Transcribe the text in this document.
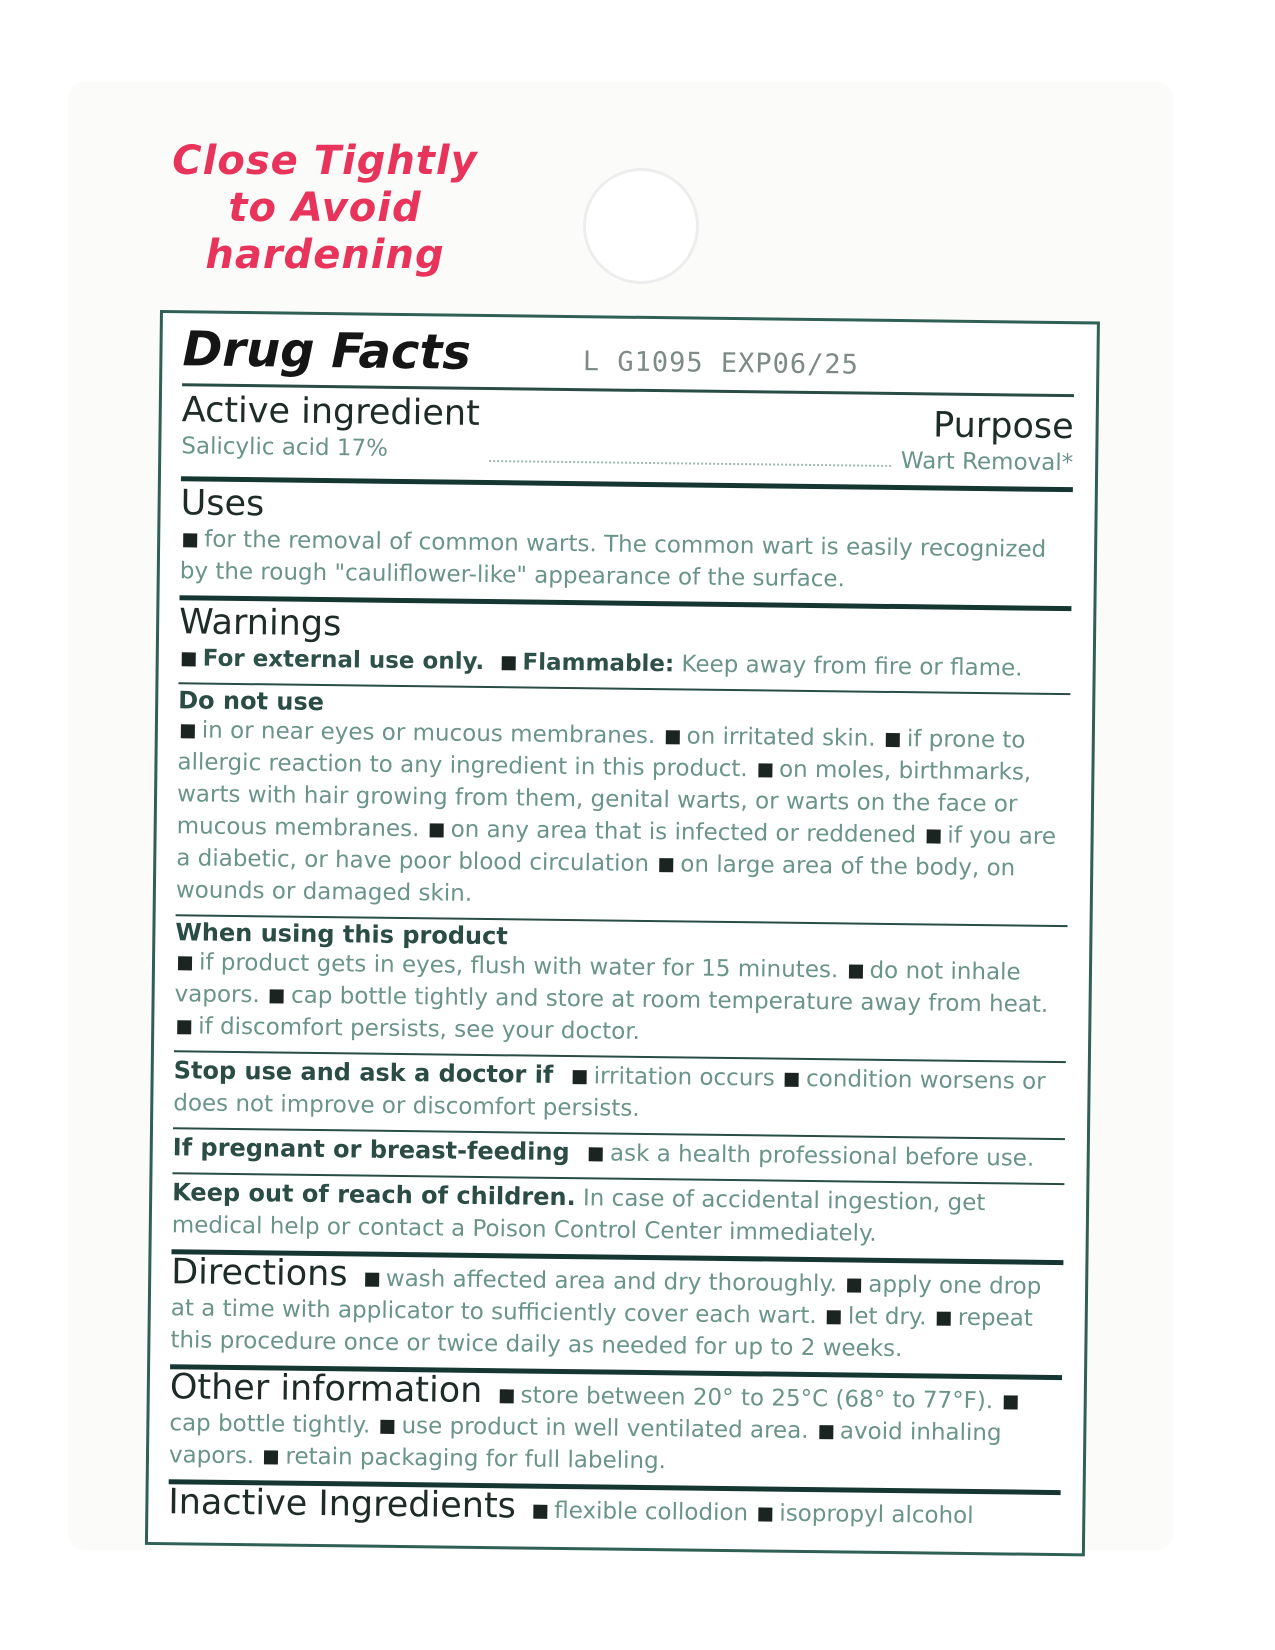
Close Tightly
to Avoid
hardening
Drug Facts	L G1095 EXP06/25
Active ingredient
Salicylic acid 17%
Purpose
Wart Removal*
Uses
for the removal of common warts. The common wart is easily recognized by the rough "cauliflower-like" appearance of the surface.
Warnings
For external use only. Flammable: Keep away from fire or flame.
Do not use
in or near eyes or mucous membranes. on irritated skin. if prone to allergic reaction to any ingredient in this product. on moles, birthmarks, warts with hair growing from them, genital warts, or warts on the face or mucous membranes. on any area that is infected or reddened if you are a diabetic, or have poor blood circulation on large area of the body, on wounds or damaged skin.
When using this product
if product gets in eyes, flush with water for 15 minutes. do not inhale vapors. cap bottle tightly and store at room temperature away from heat. if discomfort persists, see your doctor.
Stop use and ask a doctor if irritation occurs condition worsens or does not improve or discomfort persists.
If pregnant or breast-feeding ask a health professional before use.
Keep out of reach of children. In case of accidental ingestion, get medical help or contact a Poison Control Center immediately.
Directions wash affected area and dry thoroughly. apply one drop at a time with applicator to sufficiently cover each wart. let dry. repeat this procedure once or twice daily as needed for up to 2 weeks.
Other information store between 20° to 25°C (68° to 77°F). cap bottle tightly. use product in well ventilated area. avoid inhaling vapors. retain packaging for full labeling.
Inactive Ingredients flexible collodion isopropyl alcohol
